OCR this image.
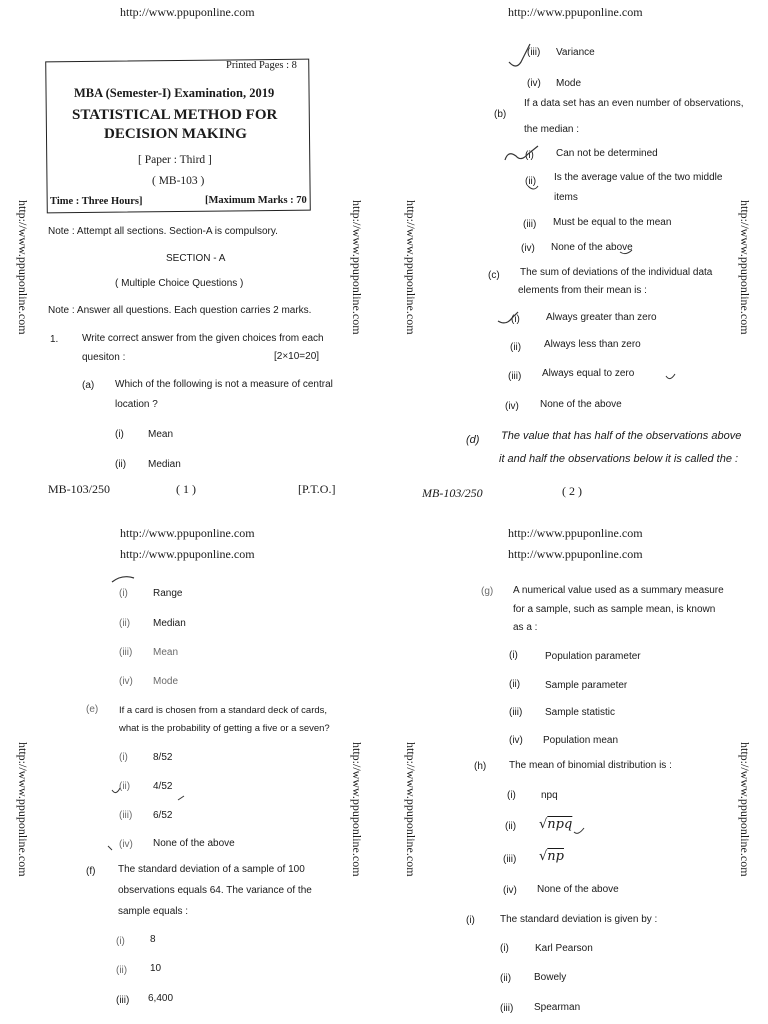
http://www.ppuponline.com	http://www.ppuponline.com
http://www.ppuponline.com
http://www.ppuponline.com
http://www.ppuponline.com
http://www.ppuponline.com
http://www.ppuponline.com	http://www.ppuponline.com	http://www.ppuponline.com	http://www.ppuponline.com
http://www.ppuponline.com	http://www.ppuponline.com	http://www.ppuponline.com	http://www.ppuponline.com
Printed Pages : 8
MBA (Semester-I) Examination, 2019
STATISTICAL METHOD FOR
DECISION MAKING
[ Paper : Third ]
( MB-103 )
Time : Three Hours]	[Maximum Marks : 70
Note : Attempt all sections. Section-A is compulsory.
SECTION - A
( Multiple Choice Questions )
Note : Answer all questions. Each question carries 2 marks.
1. Write correct answer from the given choices from each
quesiton :	[2×10=20]
(a) Which of the following is not a measure of central
location ?
(i) Mean
(ii) Median
MB-103/250	( 1 )	[P.T.O.]
(iii) Variance
(iv) Mode
(b)
If a data set has an even number of observations,
the median :
(i) Can not be determined
(ii) Is the average value of the two middle
items
(iii) Must be equal to the mean
(iv) None of the above
(c) The sum of deviations of the individual data
elements from their mean is :
(i)	Always greater than zero
(ii) Always less than zero
(iii) Always equal to zero
(iv) None of the above
(d) The value that has half of the observations above
it and half the observations below it is called the :
MB-103/250	( 2 )
(i)	Range
(ii) Median
(iii) Mean
(iv) Mode
(e) If a card is chosen from a standard deck of cards,
what is the probability of getting a five or a seven?
(i)	8/52
(ii) 4/52
(iii) 6/52
(iv) None of the above
(f) The standard deviation of a sample of 100
observations equals 64. The variance of the
sample equals :
(i)	8
(ii) 10
(iii) 6,400
(g) A numerical value used as a summary measure
for a sample, such as sample mean, is known
as a :
(i)	Population parameter
(ii) Sample parameter
(iii) Sample statistic
(iv) Population mean
(h) The mean of binomial distribution is :
(i)	npq
(ii) √npq
(iii) √np
(iv) None of the above
(i)	The standard deviation is given by :
(i)	Karl Pearson
(ii) Bowely
(iii) Spearman
